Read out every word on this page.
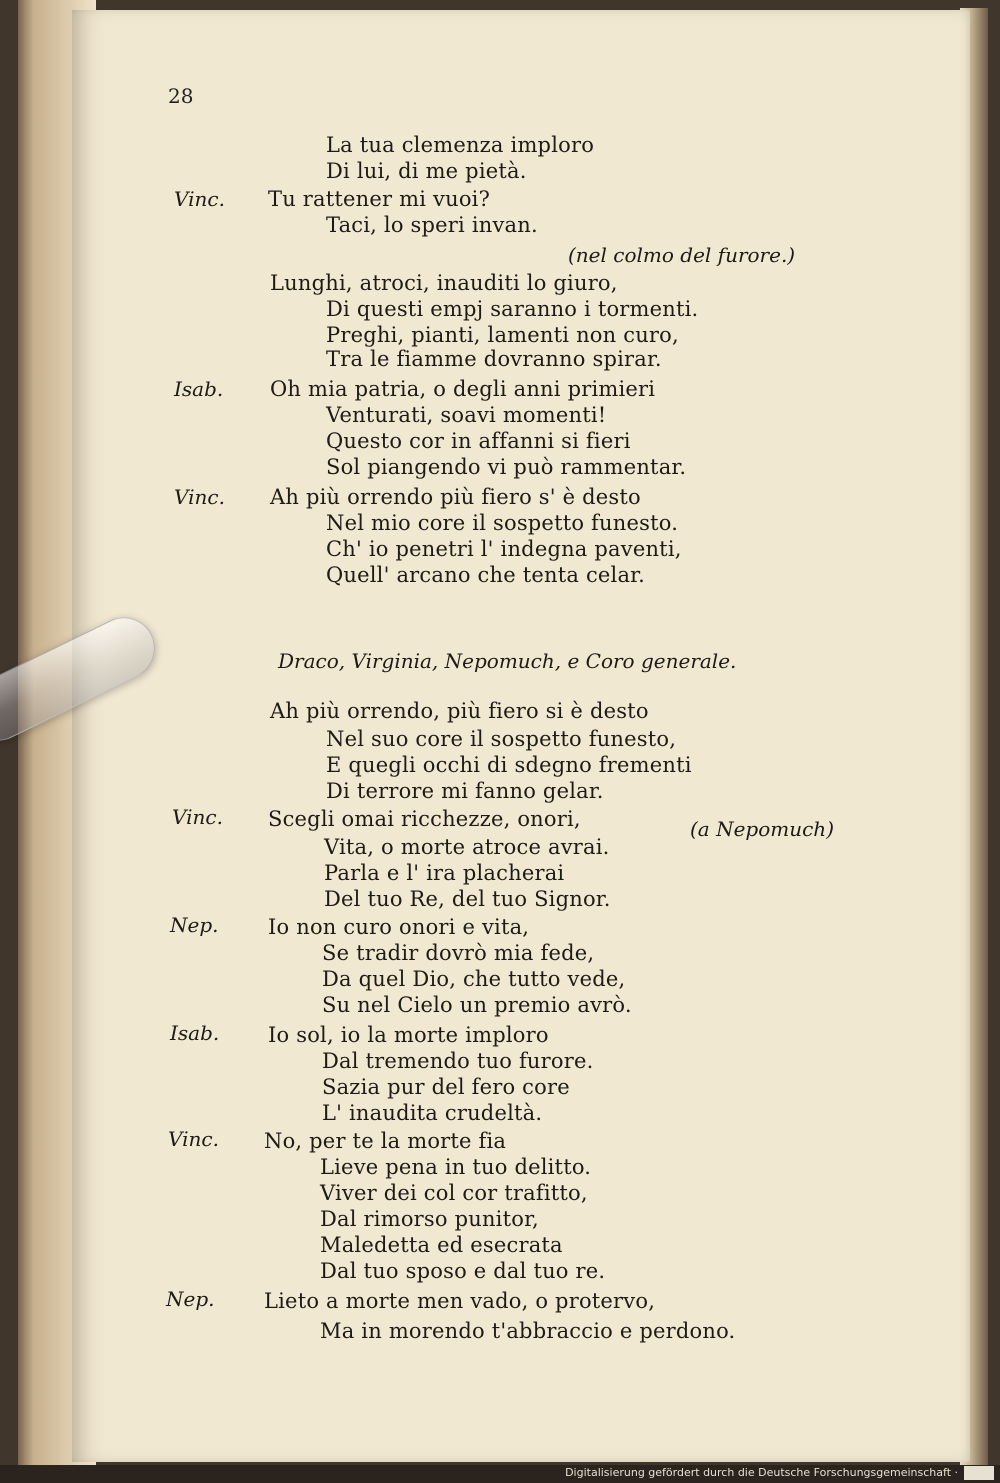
28
La tua clemenza imploro
Di lui, di me pietà.
Vinc. Tu rattener mi vuoi?
Taci, lo speri invan.
(nel colmo del furore.)
Lunghi, atroci, inauditi lo giuro,
Di questi empj saranno i tormenti.
Preghi, pianti, lamenti non curo,
Tra le fiamme dovranno spirar.
Isab. Oh mia patria, o degli anni primieri
Venturati, soavi momenti!
Questo cor in affanni si fieri
Sol piangendo vi può rammentar.
Vinc. Ah più orrendo più fiero s' è desto
Nel mio core il sospetto funesto.
Ch' io penetri l' indegna paventi,
Quell' arcano che tenta celar.
Draco, Virginia, Nepomuch, e Coro generale.
Ah più orrendo, più fiero si è desto
Nel suo core il sospetto funesto,
E quegli occhi di sdegno frementi
Di terrore mi fanno gelar.
Vinc. Scegli omai ricchezze, onori,	(a Nepomuch)
Vita, o morte atroce avrai.
Parla e l' ira placherai
Del tuo Re, del tuo Signor.
Nep. Io non curo onori e vita,
Se tradir dovrò mia fede,
Da quel Dio, che tutto vede,
Su nel Cielo un premio avrò.
Isab. Io sol, io la morte imploro
Dal tremendo tuo furore.
Sazia pur del fero core
L' inaudita crudeltà.
Vinc. No, per te la morte fia
Lieve pena in tuo delitto.
Viver dei col cor trafitto,
Dal rimorso punitor,
Maledetta ed esecrata
Dal tuo sposo e dal tuo re.
Nep. Lieto a morte men vado, o protervo,
Ma in morendo t'abbraccio e perdono.
Digitalisierung gefördert durch die Deutsche Forschungsgemeinschaft ·
